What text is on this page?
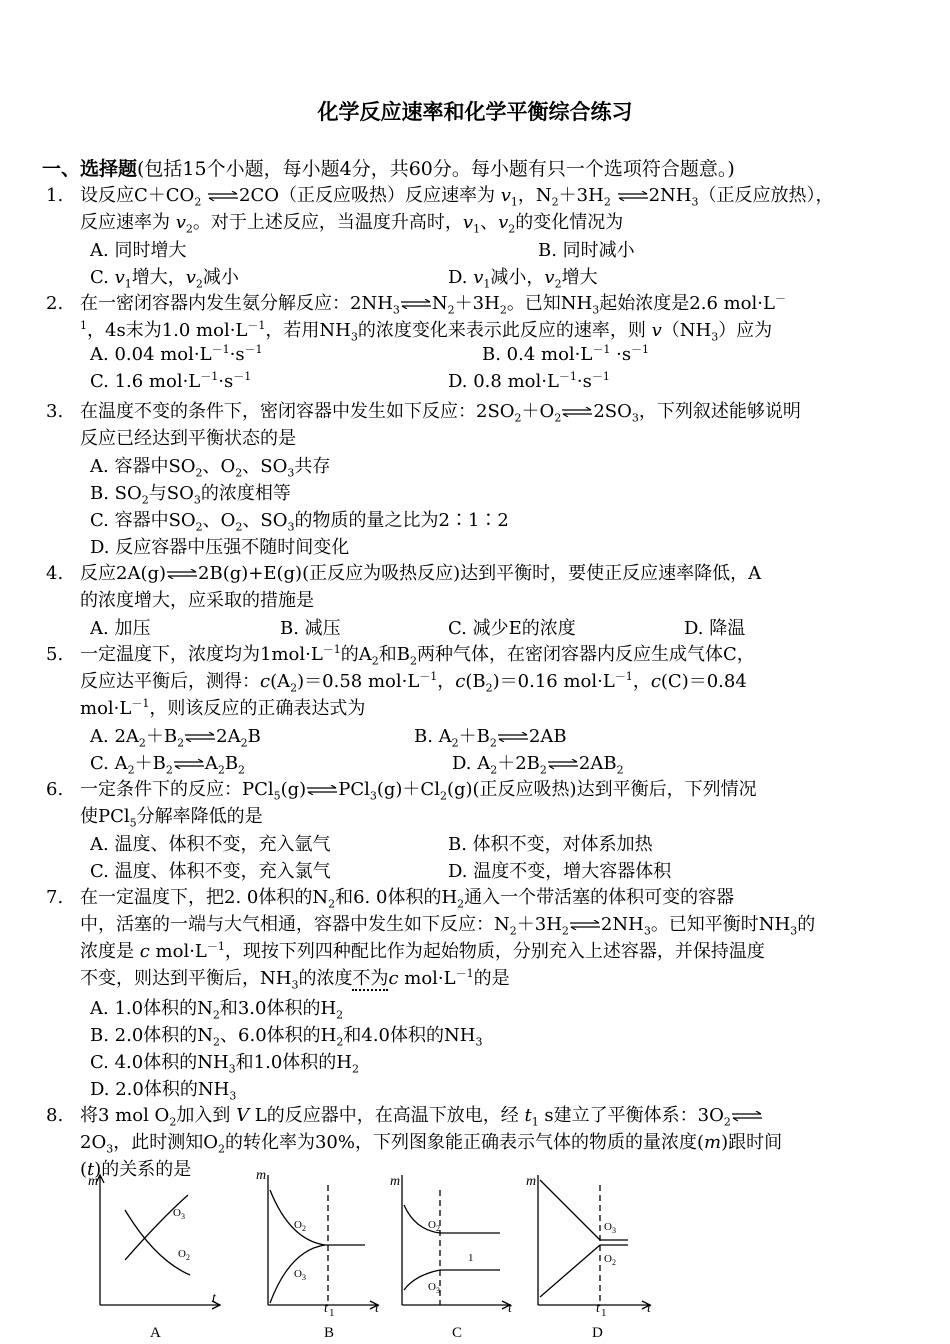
化学反应速率和化学平衡综合练习
一、选择题(包括15个小题，每小题4分，共60分。每小题有只一个选项符合题意。)
1. 设反应$C+CO_2$ ⇌2CO（正反应吸热）反应速率为 $v_1$，$N_2+3H_2$ $\rightleftharpoons 2NH_3$（正反应放热），
反应速率为 $v_2$。对于上述反应，当温度升高时，$v_1$、$v_2$的变化情况为
A. 同时增大	B. 同时减小
C. $v_1$增大，$v_2$减小	D. $v_1$减小，$v_2$增大
2. 在一密闭容器内发生氨分解反应：$2NH_3\rightleftharpoons N_2+3H_2$。已知$NH_3$起始浓度是2.6 mol·L－
$^1$，4s末为1.0 $mol\cdot L^{-1}$，若用$NH_3$的浓度变化来表示此反应的速率，则 $v(NH_3)$应为
A. 0.04 $mol\cdot L^{-1}\cdot s^{-1}$	B. 0.4 $mol\cdot L^{-1} \cdot s^{-1}$
C. 1.6 $mol\cdot L^{-1}\cdot s^{-1}$	D. 0.8 $mol\cdot L^{-1}\cdot s^{-1}$
3. 在温度不变的条件下，密闭容器中发生如下反应：$2SO_2+O_2\rightleftharpoons 2SO_3$，下列叙述能够说明
反应已经达到平衡状态的是
A. 容器中$SO_2$、$O_2$、$SO_3$共存
B. $SO_2$与$SO_3$的浓度相等
C. 容器中$SO_2$、$O_2$、$SO_3$的物质的量之比为2∶1∶2
D. 反应容器中压强不随时间变化
4. 反应2A(g)⇌2B(g)+E(g)(正反应为吸热反应)达到平衡时，要使正反应速率降低，A
的浓度增大，应采取的措施是
A. 加压	B. 减压	C. 减少E的浓度	D. 降温
5. 一定温度下，浓度均为$1mol\cdot L^{-1}$的$A_2$和$B_2$两种气体，在密闭容器内反应生成气体C，
反应达平衡后，测得：$c(A_2)=0.58$ $mol\cdot L^{-1}$，$c(B_2)=0.16$ $mol\cdot L^{-1}$，c(C)＝0.84
$mol\cdot L^{-1}$，则该反应的正确表达式为
A. $2A_2+B_2\rightleftharpoons 2A_2B$	B. $A_2+B_2\rightleftharpoons 2AB$
C. $A_2+B_2\rightleftharpoons A_2B_2$	D. $A_2+2B_2\rightleftharpoons 2AB_2$
6. 一定条件下的反应：$PCl_5(g)\rightleftharpoons PCl_3(g)+Cl_2(g)$(正反应吸热)达到平衡后，下列情况
使PCl$_5$分解率降低的是
A. 温度、体积不变，充入氩气	B. 体积不变，对体系加热
C. 温度、体积不变，充入氯气	D. 温度不变，增大容器体积
7. 在一定温度下，把2. 0体积的$N_2$和6. 0体积的$H_2$通入一个带活塞的体积可变的容器
中，活塞的一端与大气相通，容器中发生如下反应：$N_2+3H_2\rightleftharpoons 2NH_3$。已知平衡时$NH_3$的
浓度是 c $mol\cdot L^{-1}$，现按下列四种配比作为起始物质，分别充入上述容器，并保持温度
不变，则达到平衡后，$NH_3$的浓度不为c $mol\cdot L^{-1}$的是
A. 1.0体积的$N_2$和3.0体积的$H_2$
B. 2.0体积的$N_2$、6.0体积的$H_2$和4.0体积的$NH_3$
C. 4.0体积的$NH_3$和1.0体积的$H_2$
D. 2.0体积的$NH_3$
8. 将3 mol $O_2$加入到 V L的反应器中，在高温下放电，经 $t_1$ s建立了平衡体系：$3O_2\rightleftharpoons$
$2O_3$，此时测知$O_2$的转化率为30%，下列图象能正确表示气体的物质的量浓度(m)跟时间
(t)的关系的是
m
t
m
t
m
t
m
t
t	t
1	1
O 3
O 2
O 2
O 3
O 2
1
O 3
O 3
O 2
A	B	C	D
